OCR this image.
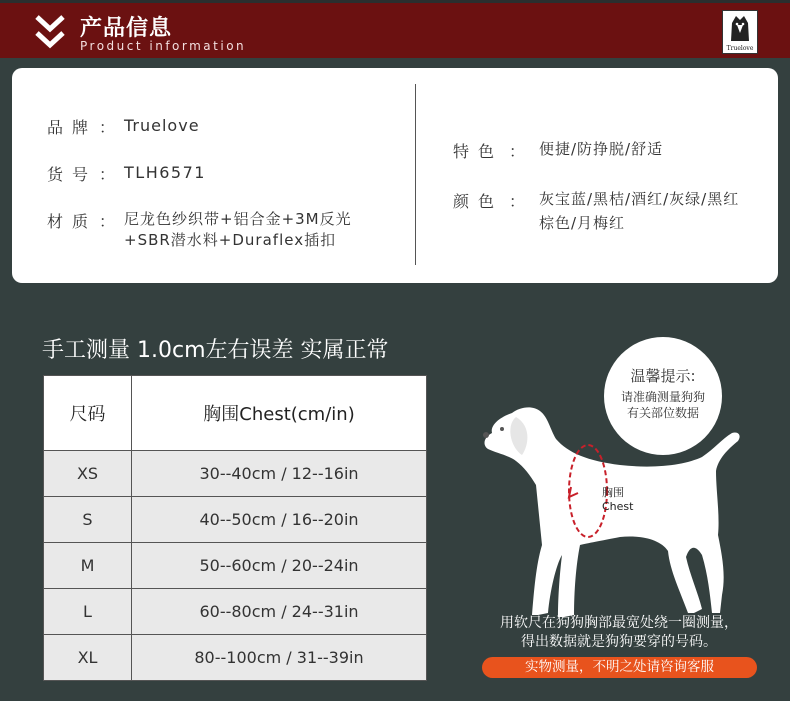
产品信息
Product information	Truelove
品牌 ： Truelove
货号 ： TLH6571
材质 ： 尼龙色纱织带+铝合金+3M反光
+SBR潜水料+Duraflex插扣
特色 ： 便捷/防挣脱/舒适
颜色 ： 灰宝蓝/黑桔/酒红/灰绿/黑红
棕色/月梅红
手工测量 1.0cm左右误差 实属正常
尺码	胸围Chest(cm/in)
XS	30--40cm / 12--16in
S	40--50cm / 16--20in
M	50--60cm / 20--24in
L	60--80cm / 24--31in
XL	80--100cm / 31--39in
温馨提示:
请准确测量狗狗
有关部位数据
胸围
Chest
用软尺在狗狗胸部最宽处绕一圈测量，
得出数据就是狗狗要穿的号码。
实物测量，不明之处请咨询客服
